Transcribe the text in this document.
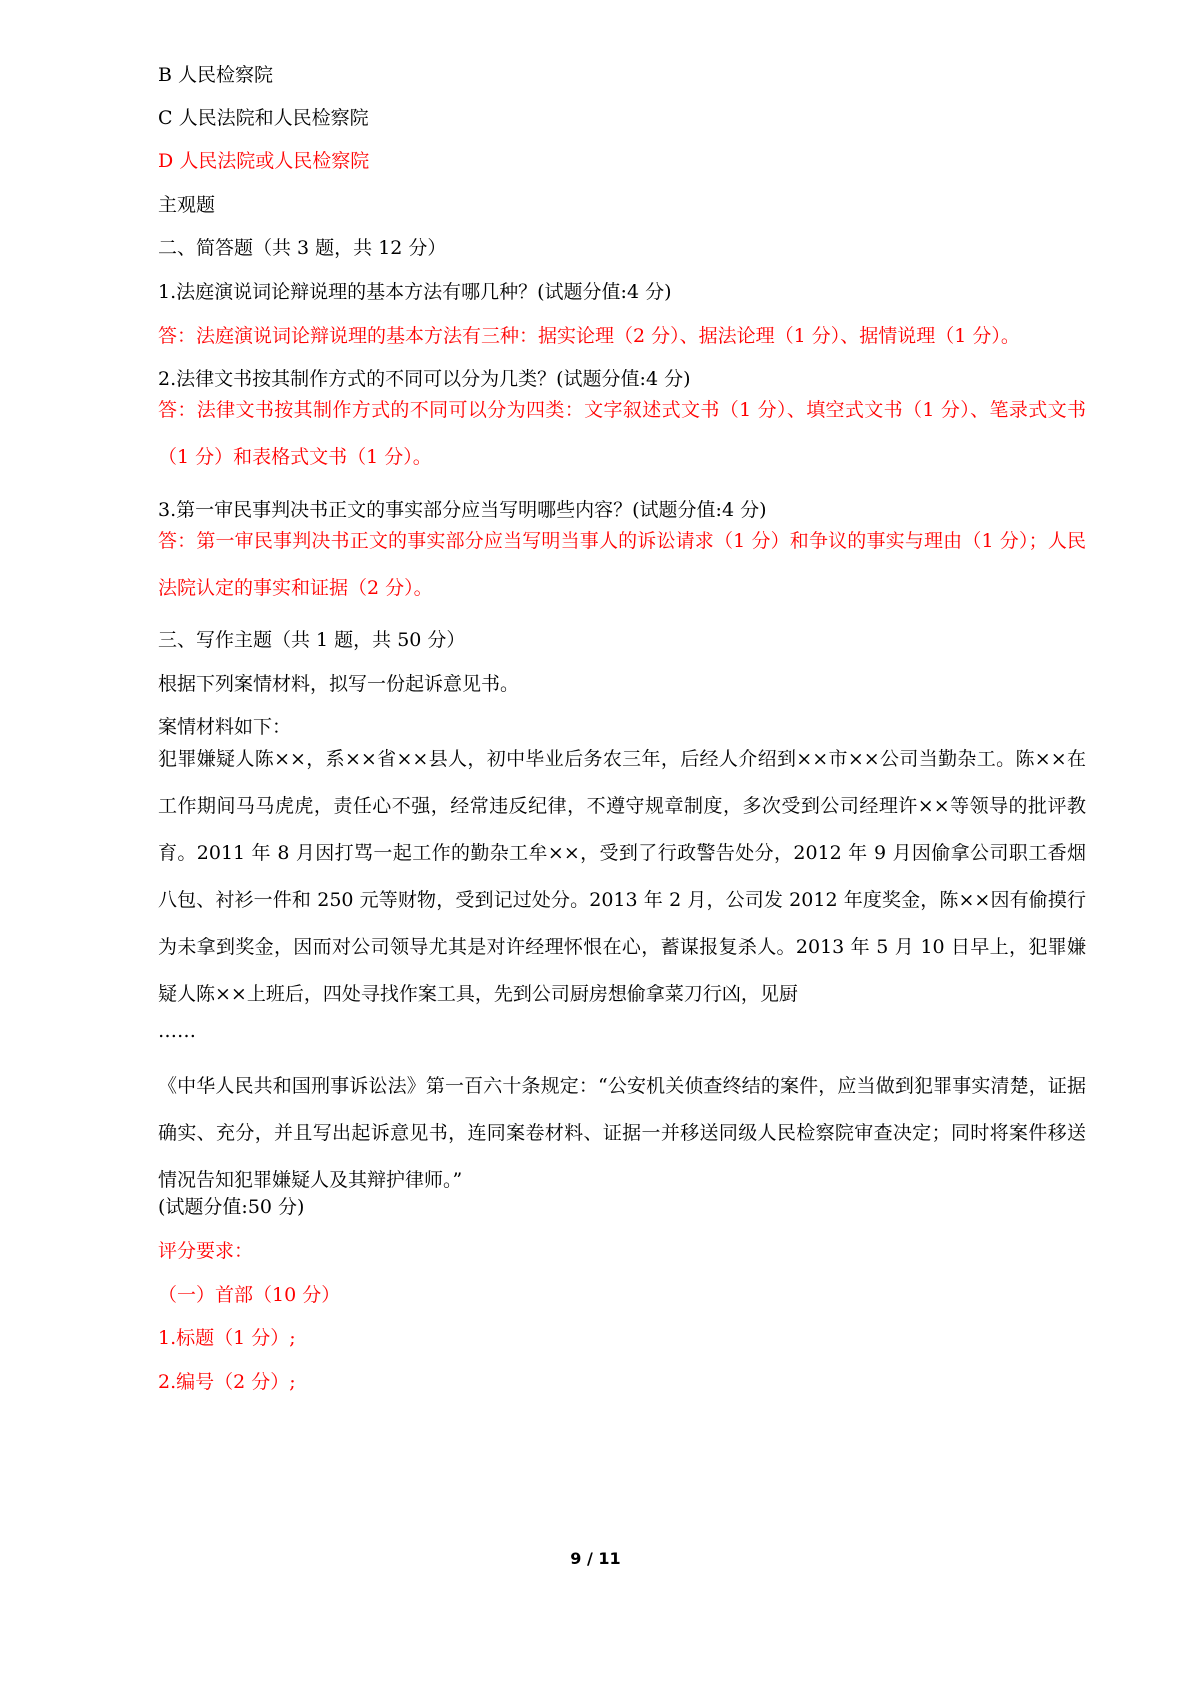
B 人民检察院

C 人民法院和人民检察院

D 人民法院或人民检察院

主观题

二、简答题（共 3 题，共 12 分）

1.法庭演说词论辩说理的基本方法有哪几种？(试题分值:4 分)

答：法庭演说词论辩说理的基本方法有三种：据实论理（2 分）、据法论理（1 分）、据情说理（1 分）。

2.法律文书按其制作方式的不同可以分为几类？(试题分值:4 分)

答：法律文书按其制作方式的不同可以分为四类：文字叙述式文书（1 分）、填空式文书（1 分）、笔录式文书（1 分）和表格式文书（1 分）。

3.第一审民事判决书正文的事实部分应当写明哪些内容？(试题分值:4 分)

答：第一审民事判决书正文的事实部分应当写明当事人的诉讼请求（1 分）和争议的事实与理由（1 分）；人民法院认定的事实和证据（2 分）。

三、写作主题（共 1 题，共 50 分）

根据下列案情材料，拟写一份起诉意见书。

案情材料如下：

犯罪嫌疑人陈××，系××省××县人，初中毕业后务农三年，后经人介绍到××市××公司当勤杂工。陈××在工作期间马马虎虎，责任心不强，经常违反纪律，不遵守规章制度，多次受到公司经理许××等领导的批评教育。2011 年 8 月因打骂一起工作的勤杂工牟××，受到了行政警告处分，2012 年 9 月因偷拿公司职工香烟八包、衬衫一件和 250 元等财物，受到记过处分。2013 年 2 月，公司发 2012 年度奖金，陈××因有偷摸行为未拿到奖金，因而对公司领导尤其是对许经理怀恨在心，蓄谋报复杀人。2013 年 5 月 10 日早上，犯罪嫌疑人陈××上班后，四处寻找作案工具，先到公司厨房想偷拿菜刀行凶，见厨

……

《中华人民共和国刑事诉讼法》第一百六十条规定：“公安机关侦查终结的案件，应当做到犯罪事实清楚，证据确实、充分，并且写出起诉意见书，连同案卷材料、证据一并移送同级人民检察院审查决定；同时将案件移送情况告知犯罪嫌疑人及其辩护律师。”

(试题分值:50 分)

评分要求：

（一）首部（10 分）

1.标题（1 分）;

2.编号（2 分）;

9 / 11
